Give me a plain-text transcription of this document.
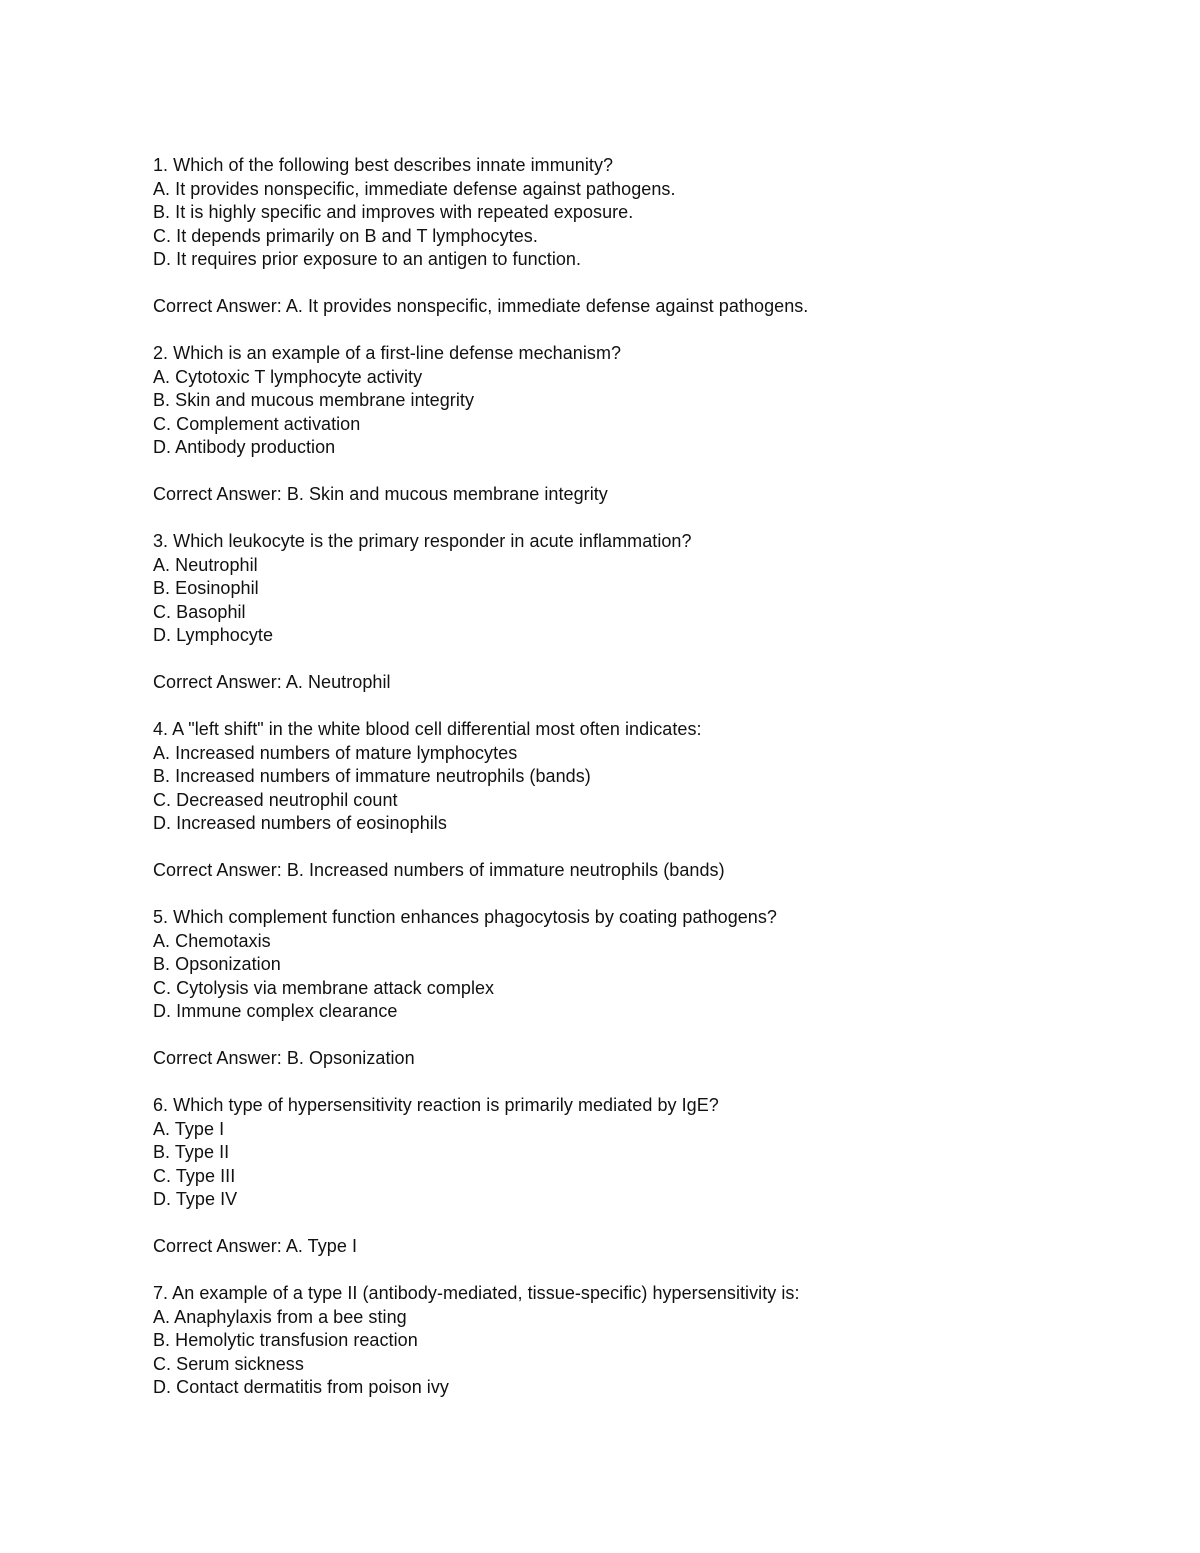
1. Which of the following best describes innate immunity?
A. It provides nonspecific, immediate defense against pathogens.
B. It is highly specific and improves with repeated exposure.
C. It depends primarily on B and T lymphocytes.
D. It requires prior exposure to an antigen to function.
Correct Answer: A. It provides nonspecific, immediate defense against pathogens.
2. Which is an example of a first-line defense mechanism?
A. Cytotoxic T lymphocyte activity
B. Skin and mucous membrane integrity
C. Complement activation
D. Antibody production
Correct Answer: B. Skin and mucous membrane integrity
3. Which leukocyte is the primary responder in acute inflammation?
A. Neutrophil
B. Eosinophil
C. Basophil
D. Lymphocyte
Correct Answer: A. Neutrophil
4. A "left shift" in the white blood cell differential most often indicates:
A. Increased numbers of mature lymphocytes
B. Increased numbers of immature neutrophils (bands)
C. Decreased neutrophil count
D. Increased numbers of eosinophils
Correct Answer: B. Increased numbers of immature neutrophils (bands)
5. Which complement function enhances phagocytosis by coating pathogens?
A. Chemotaxis
B. Opsonization
C. Cytolysis via membrane attack complex
D. Immune complex clearance
Correct Answer: B. Opsonization
6. Which type of hypersensitivity reaction is primarily mediated by IgE?
A. Type I
B. Type II
C. Type III
D. Type IV
Correct Answer: A. Type I
7. An example of a type II (antibody-mediated, tissue-specific) hypersensitivity is:
A. Anaphylaxis from a bee sting
B. Hemolytic transfusion reaction
C. Serum sickness
D. Contact dermatitis from poison ivy
